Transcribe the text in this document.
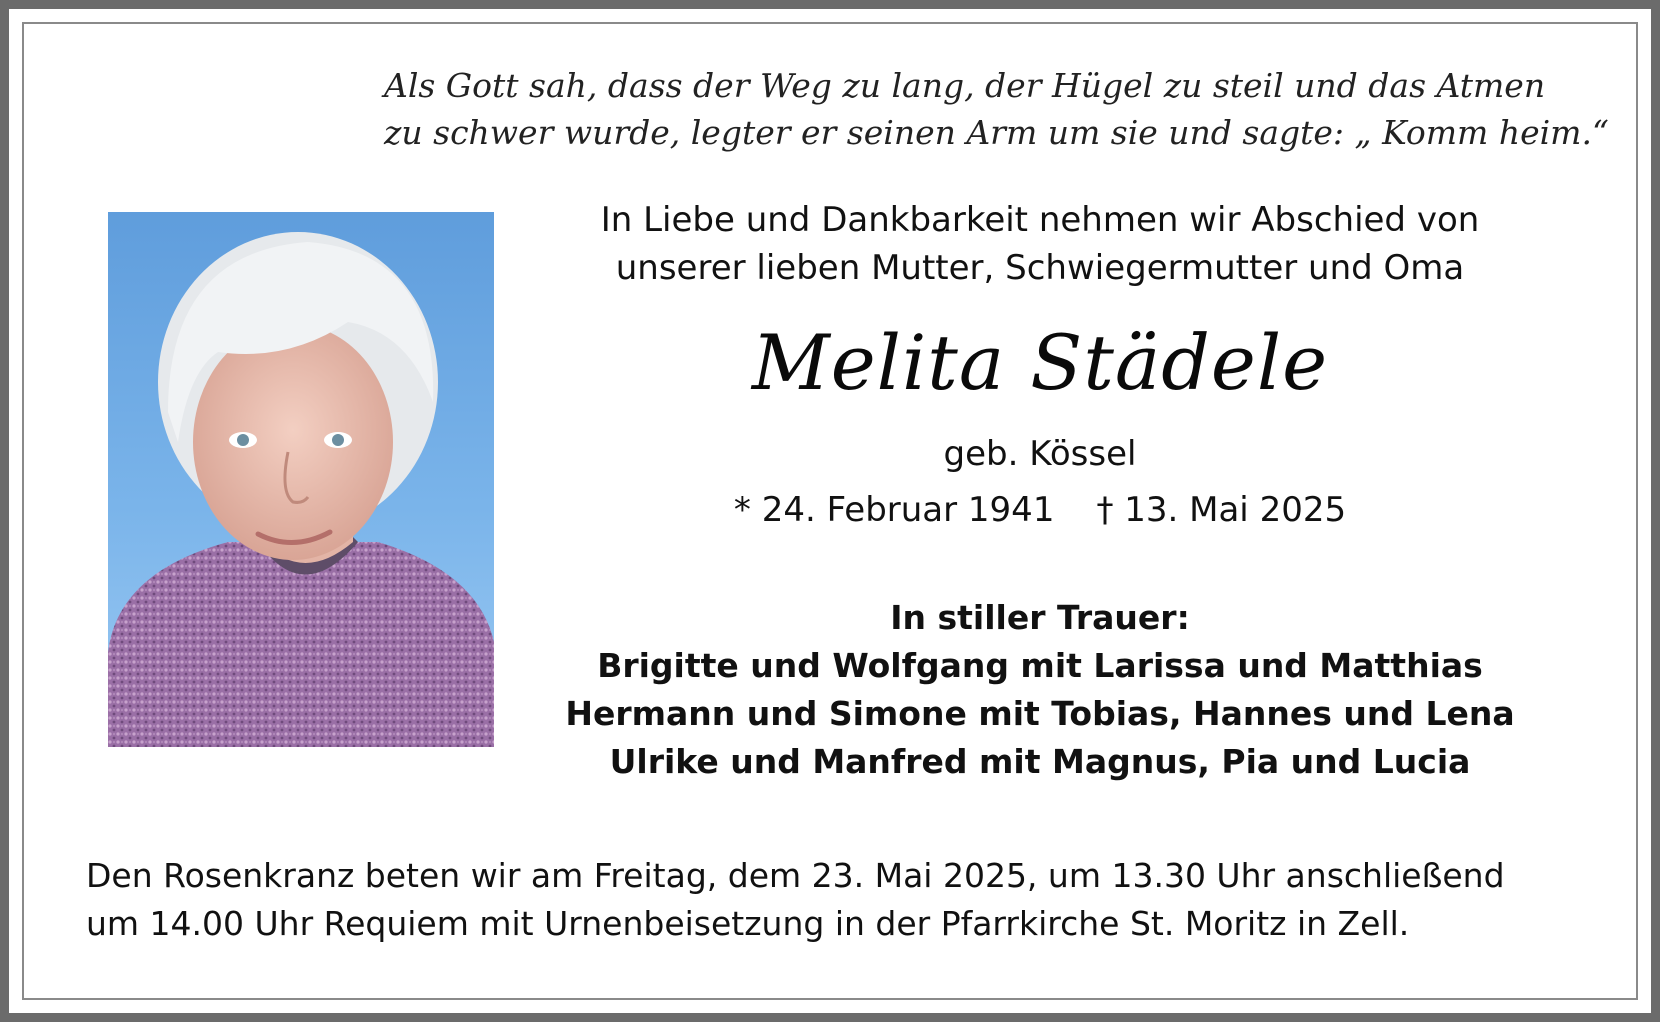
Als Gott sah, dass der Weg zu lang, der Hügel zu steil und das Atmen
zu schwer wurde, legter er seinen Arm um sie und sagte: „ Komm heim.“
In Liebe und Dankbarkeit nehmen wir Abschied von
unserer lieben Mutter, Schwiegermutter und Oma
Melita Städele
geb. Kössel
* 24. Februar 1941 † 13. Mai 2025
In stiller Trauer:
Brigitte und Wolfgang mit Larissa und Matthias
Hermann und Simone mit Tobias, Hannes und Lena
Ulrike und Manfred mit Magnus, Pia und Lucia
Den Rosenkranz beten wir am Freitag, dem 23. Mai 2025, um 13.30 Uhr anschließend
um 14.00 Uhr Requiem mit Urnenbeisetzung in der Pfarrkirche St. Moritz in Zell.
